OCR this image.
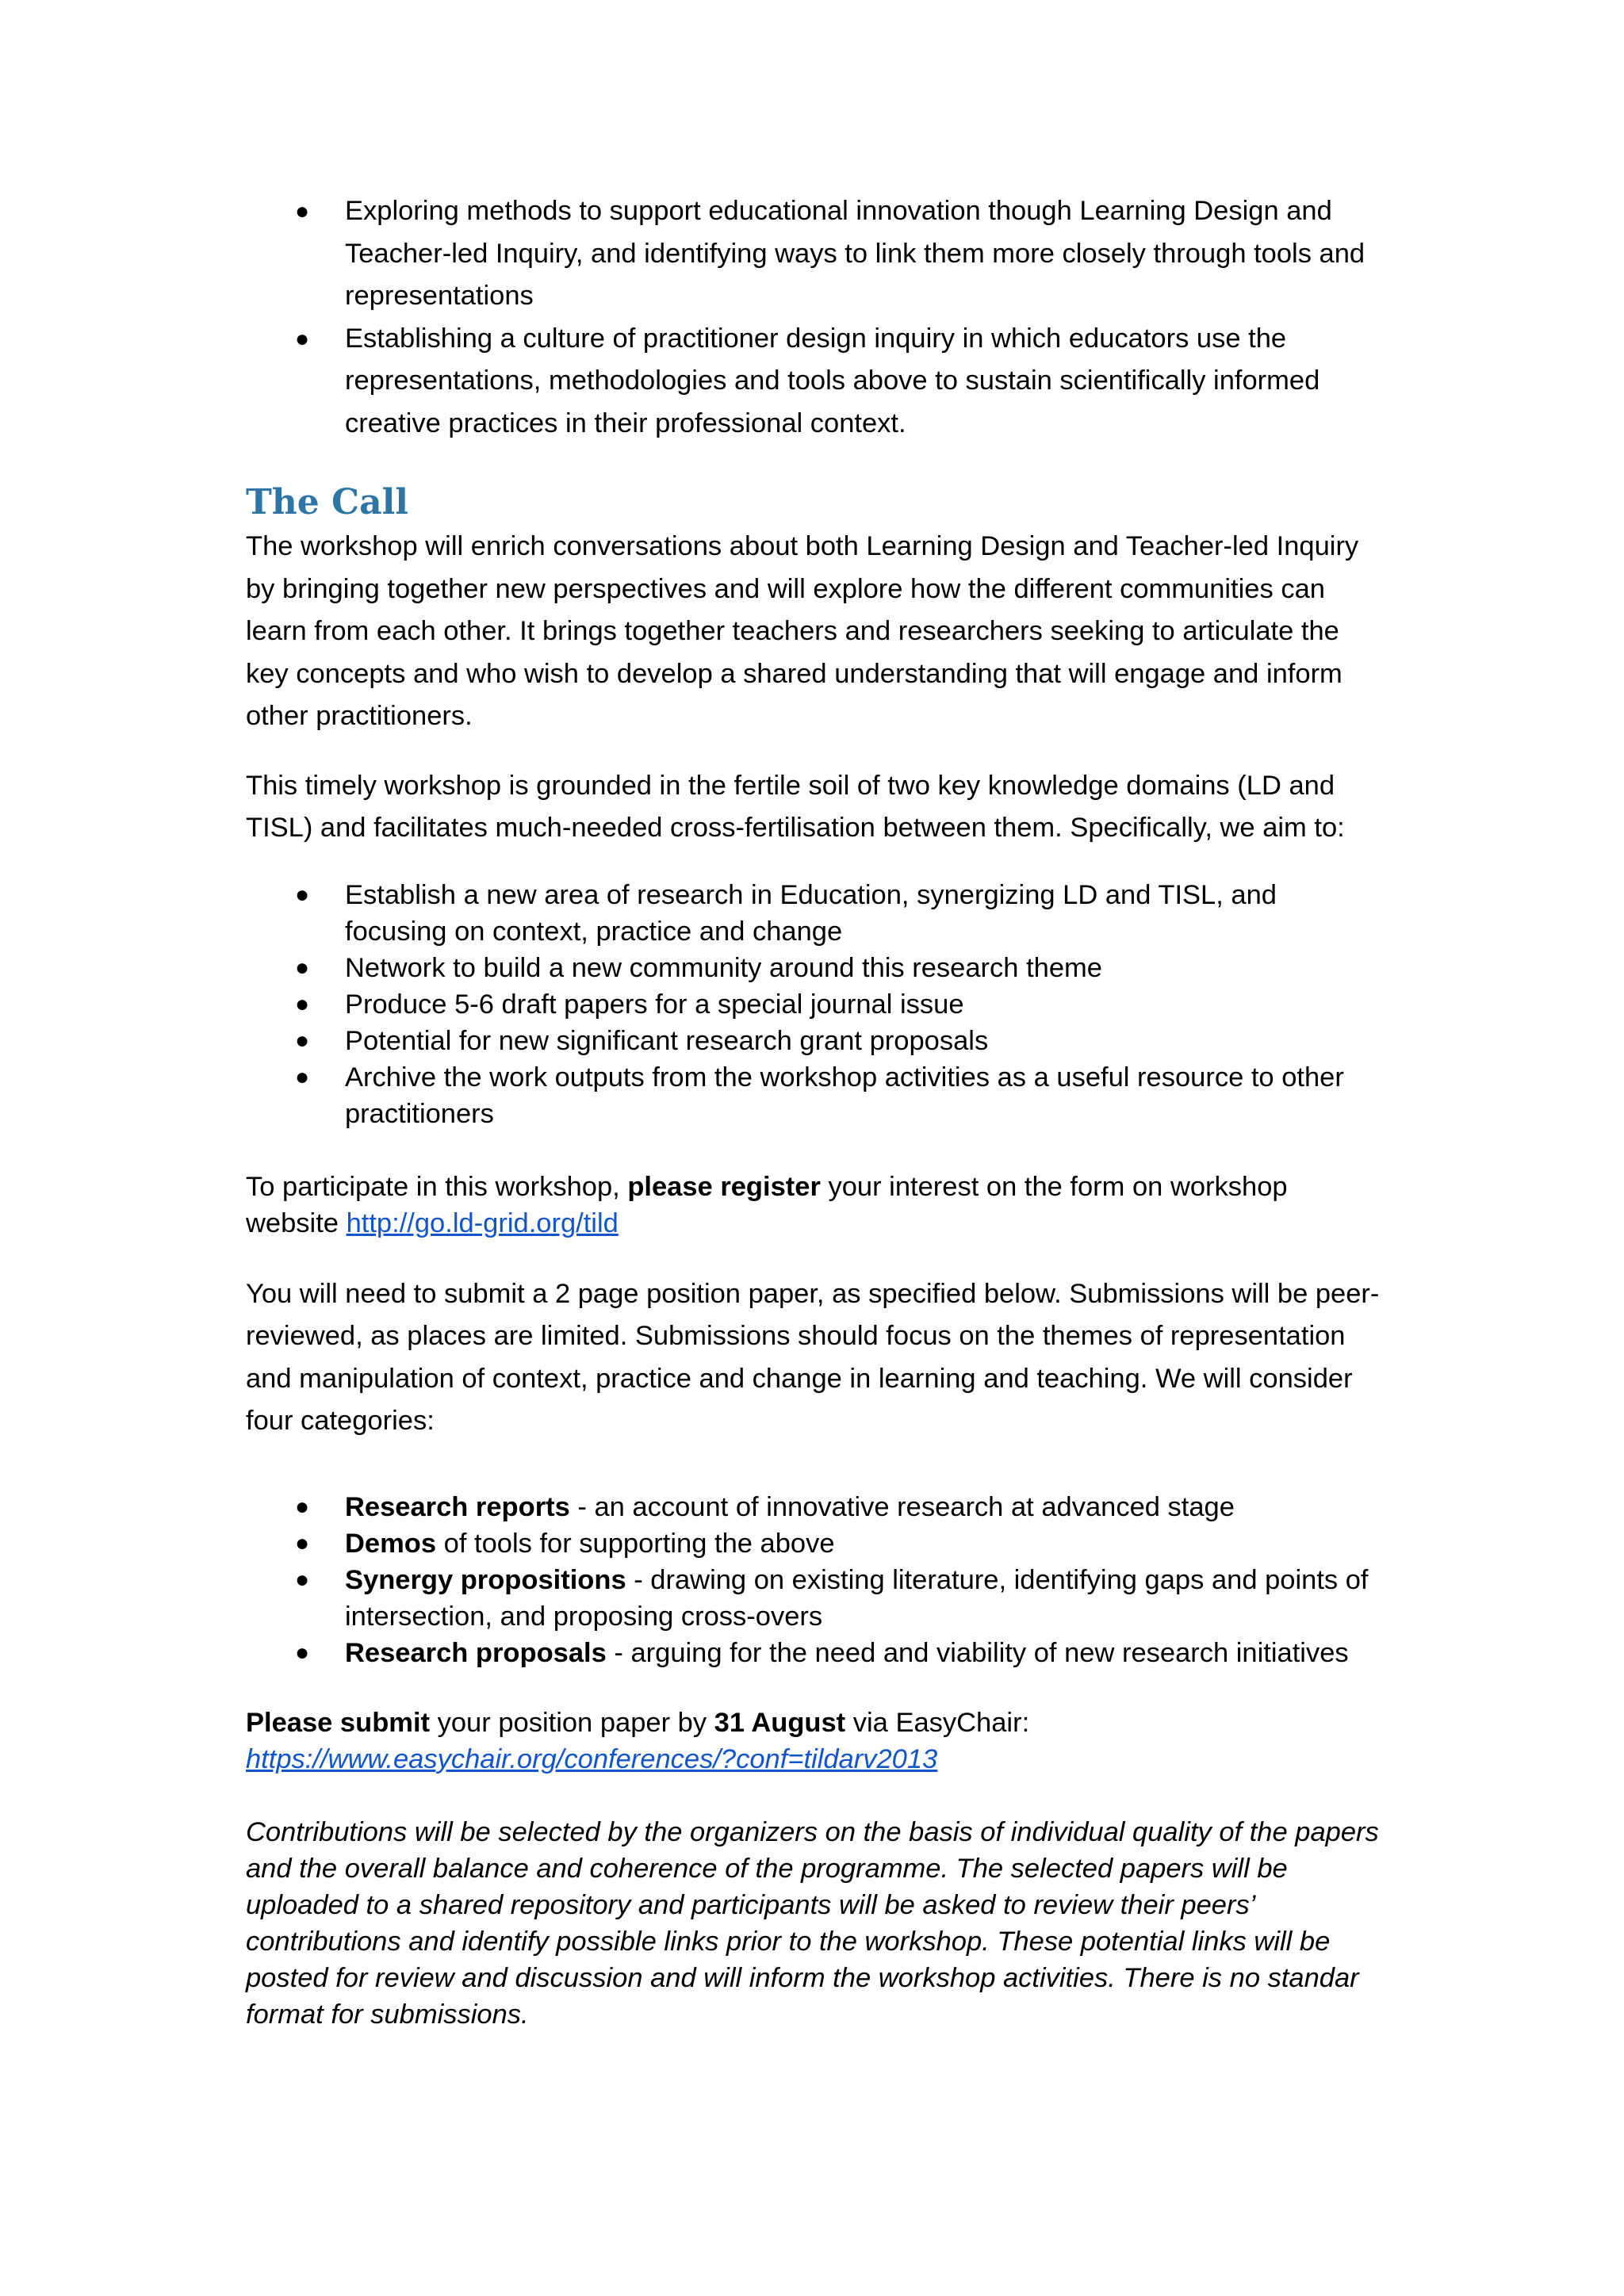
● Exploring methods to support educational innovation though Learning Design and Teacher-led Inquiry, and identifying ways to link them more closely through tools and representations
● Establishing a culture of practitioner design inquiry in which educators use the representations, methodologies and tools above to sustain scientifically informed creative practices in their professional context.
The Call

The workshop will enrich conversations about both Learning Design and Teacher-led Inquiry by bringing together new perspectives and will explore how the different communities can learn from each other. It brings together teachers and researchers seeking to articulate the key concepts and who wish to develop a shared understanding that will engage and inform other practitioners.

This timely workshop is grounded in the fertile soil of two key knowledge domains (LD and TISL) and facilitates much-needed cross-fertilisation between them. Specifically, we aim to:

● Establish a new area of research in Education, synergizing LD and TISL, and focusing on context, practice and change
● Network to build a new community around this research theme
● Produce 5-6 draft papers for a special journal issue
● Potential for new significant research grant proposals
● Archive the work outputs from the workshop activities as a useful resource to other practitioners

To participate in this workshop, please register your interest on the form on workshop website http://go.ld-grid.org/tild

You will need to submit a 2 page position paper, as specified below. Submissions will be peer-reviewed, as places are limited. Submissions should focus on the themes of representation and manipulation of context, practice and change in learning and teaching. We will consider four categories:

● Research reports - an account of innovative research at advanced stage
● Demos of tools for supporting the above
● Synergy propositions - drawing on existing literature, identifying gaps and points of intersection, and proposing cross-overs
● Research proposals - arguing for the need and viability of new research initiatives

Please submit your position paper by 31 August via EasyChair:
https://www.easychair.org/conferences/?conf=tildarv2013

Contributions will be selected by the organizers on the basis of individual quality of the papers and the overall balance and coherence of the programme. The selected papers will be uploaded to a shared repository and participants will be asked to review their peers’ contributions and identify possible links prior to the workshop. These potential links will be posted for review and discussion and will inform the workshop activities. There is no standar format for submissions.
